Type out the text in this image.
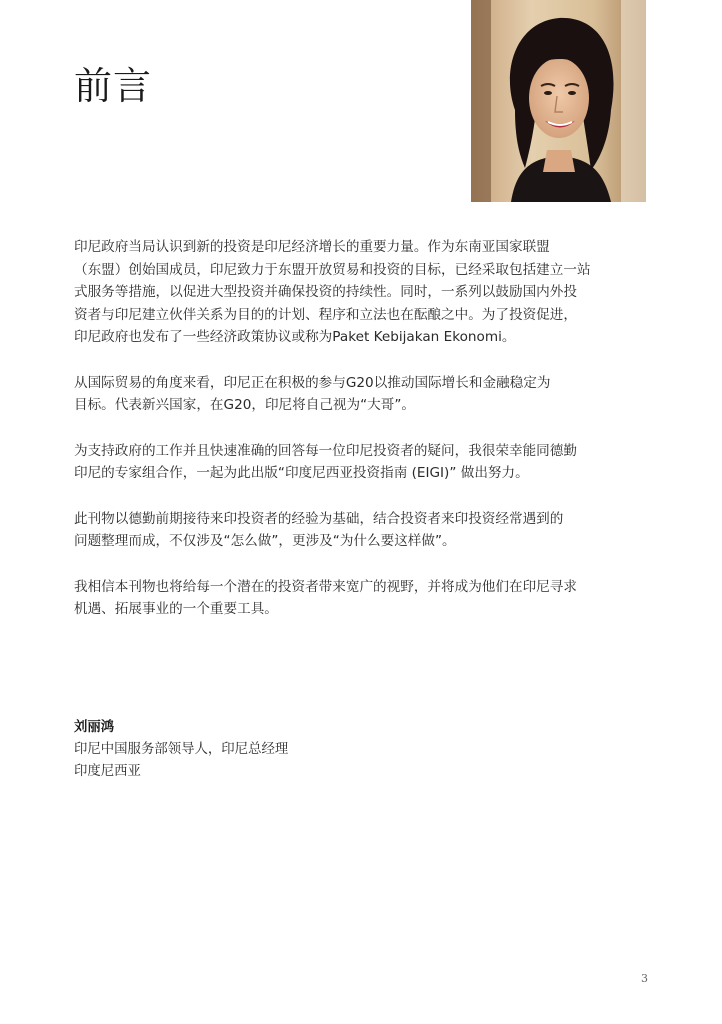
前言

印尼政府当局认识到新的投资是印尼经济增长的重要力量。作为东南亚国家联盟
（东盟）创始国成员，印尼致力于东盟开放贸易和投资的目标，已经采取包括建立一站
式服务等措施，以促进大型投资并确保投资的持续性。同时，一系列以鼓励国内外投
资者与印尼建立伙伴关系为目的的计划、程序和立法也在酝酿之中。为了投资促进，
印尼政府也发布了一些经济政策协议或称为Paket Kebijakan Ekonomi。

从国际贸易的角度来看，印尼正在积极的参与G20以推动国际增长和金融稳定为
目标。代表新兴国家，在G20，印尼将自己视为“大哥”。

为支持政府的工作并且快速准确的回答每一位印尼投资者的疑问，我很荣幸能同德勤
印尼的专家组合作，一起为此出版“印度尼西亚投资指南 (EIGI)” 做出努力。

此刊物以德勤前期接待来印投资者的经验为基础，结合投资者来印投资经常遇到的
问题整理而成，不仅涉及“怎么做”，更涉及“为什么要这样做”。

我相信本刊物也将给每一个潜在的投资者带来宽广的视野，并将成为他们在印尼寻求
机遇、拓展事业的一个重要工具。

刘丽鸿

印尼中国服务部领导人，印尼总经理

印度尼西亚

3
